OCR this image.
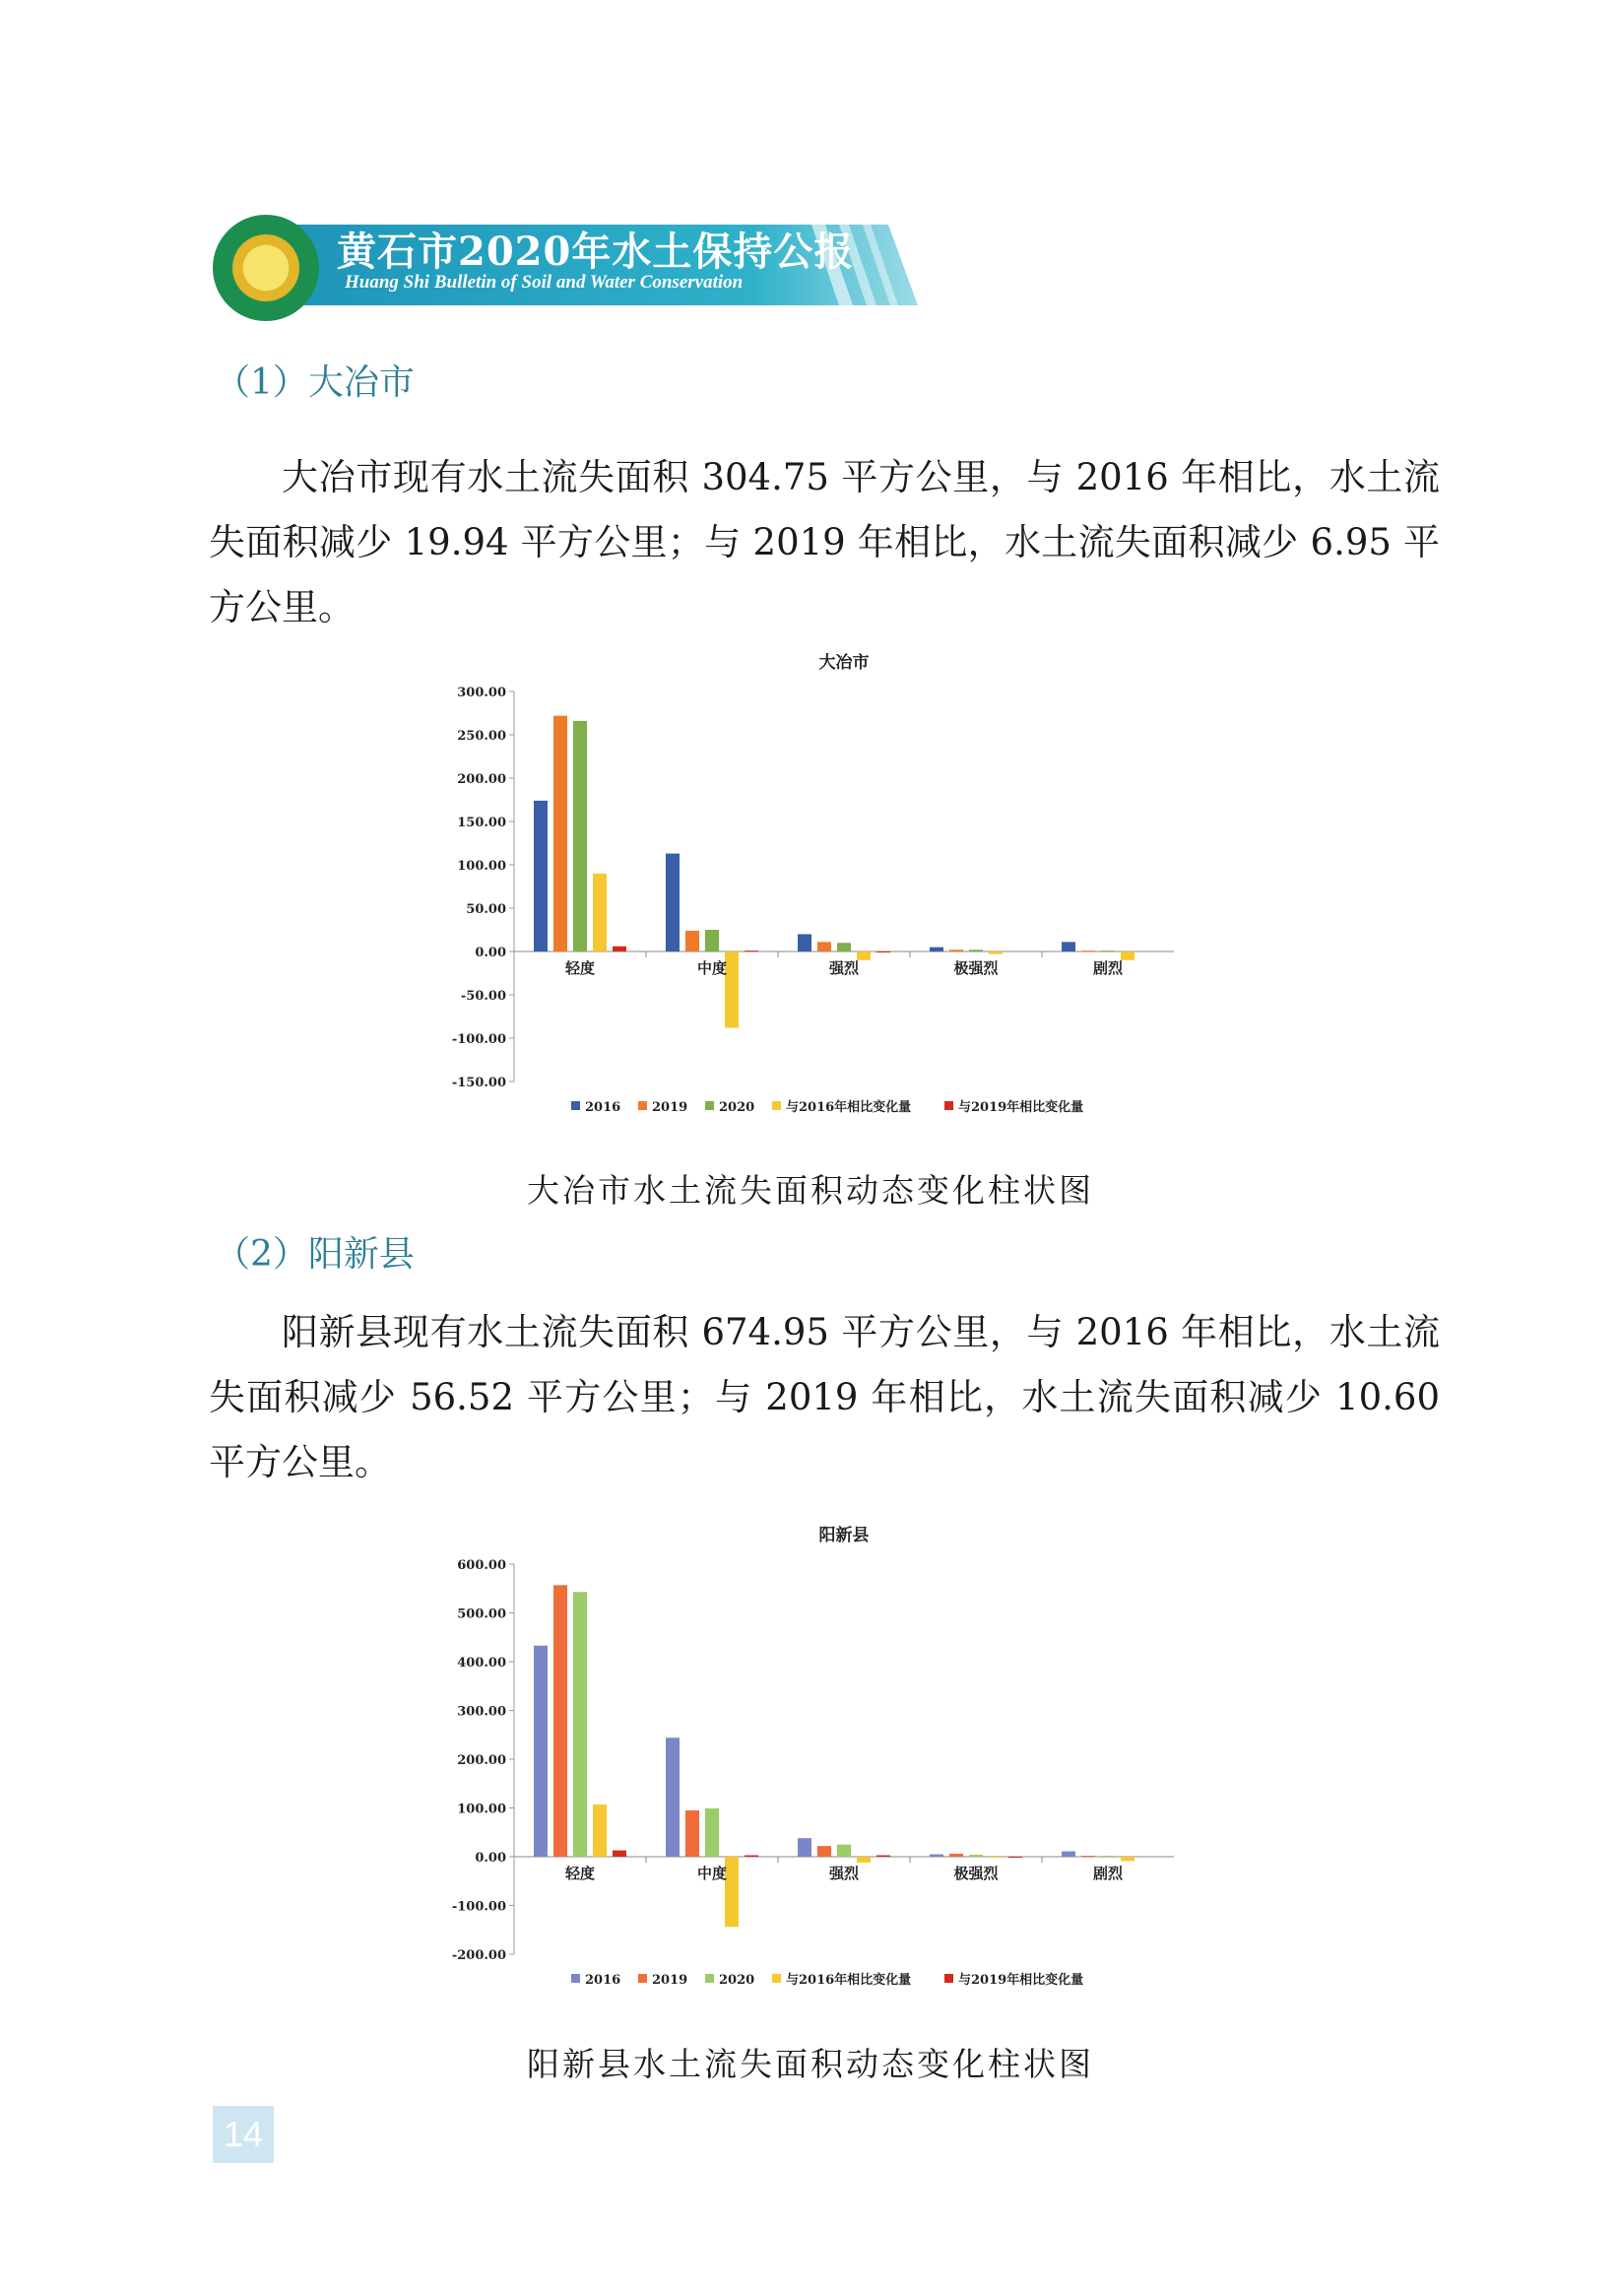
黄石市2020年水土保持公报
Huang Shi Bulletin of Soil and Water Conservation
（1）大冶市
大冶市现有水土流失面积 304.75 平方公里，与 2016 年相比，水土流失面积减少 19.94 平方公里；与 2019 年相比，水土流失面积减少 6.95 平方公里。
大冶市
300.00
250.00
200.00
150.00
100.00
50.00
0.00
-50.00
-100.00
-150.00
轻度	中度	强烈	极强烈	剧烈
2016 2019 2020 与2016年相比变化量	与2019年相比变化量
大冶市水土流失面积动态变化柱状图
（2）阳新县
阳新县现有水土流失面积 674.95 平方公里，与 2016 年相比，水土流失面积减少 56.52 平方公里；与 2019 年相比，水土流失面积减少 10.60 平方公里。
阳新县
600.00
500.00
400.00
300.00
200.00
100.00
0.00
-100.00
-200.00
轻度	中度	强烈	极强烈	剧烈
2016 2019 2020 与2016年相比变化量	与2019年相比变化量
阳新县水土流失面积动态变化柱状图
14
